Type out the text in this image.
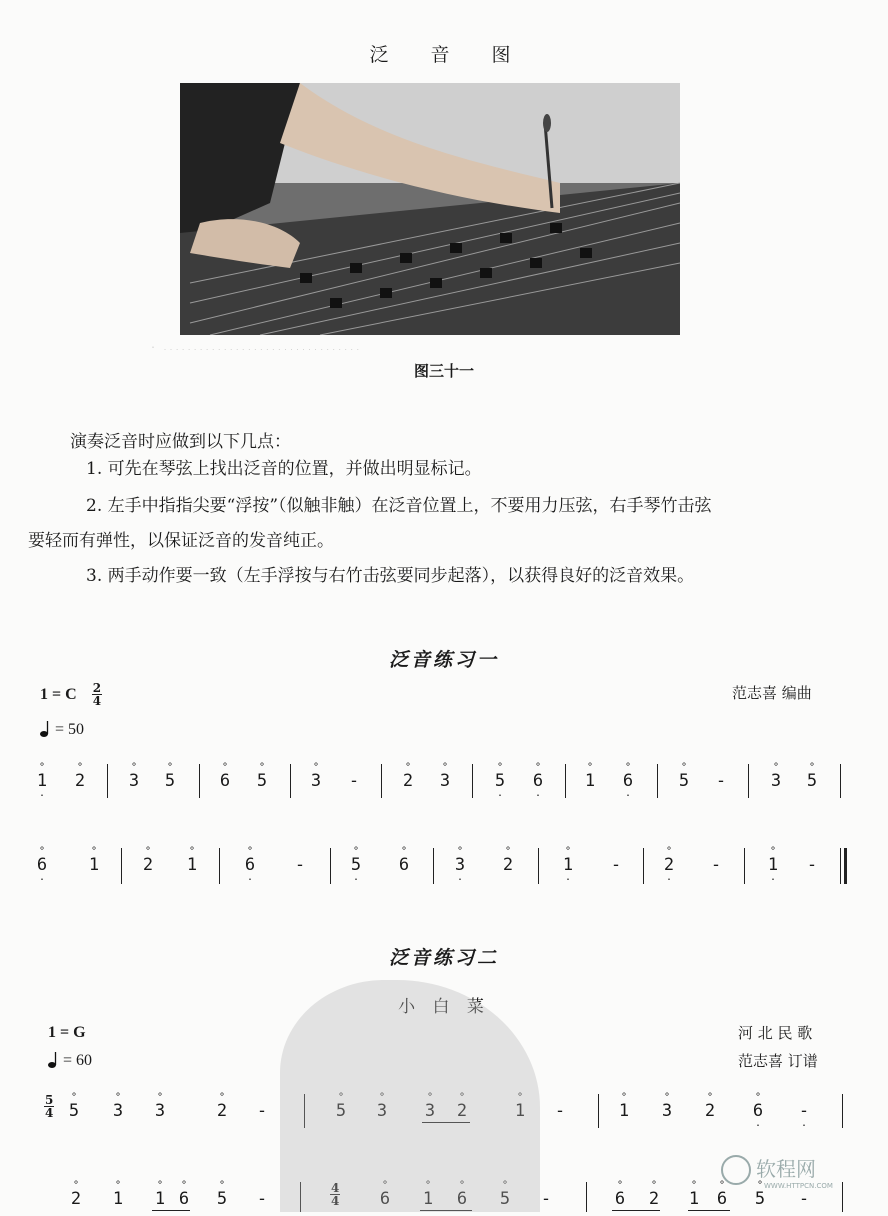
泛 音 图
图三十一
. ̣ ̣ ̣ ̣ ̣ ̣ ̣ ̣ ̣ ̣ ̣ ̣ ̣ ̣ ̣ ̣ ̣ ̣ ̣ ̣ ̣ ̣ ̣ ̣ ̣ ̣ ̣ ̣ ̣ ̣ ̣ ̣ ̣
演奏泛音时应做到以下几点：
1. 可先在琴弦上找出泛音的位置，并做出明显标记。
2. 左手中指指尖要“浮按”（似触非触）在泛音位置上，不要用力压弦，右手琴竹击弦
要轻而有弹性，以保证泛音的发音纯正。
3. 两手动作要一致（左手浮按与右竹击弦要同步起落），以获得良好的泛音效果。
泛音练习一
1 = C $\frac{2}{4}$
= 50
范志喜 编曲
°
1
.
°
2
°
3
°
5
°
6
°
5
°
3 -
°
2
°
3
°
5
.
°
6
.
°
1
°
6
.
°
5 -
°
3
°
5
°
6
.
°
1
°
2
°
1
°
6
.
-
°
5
.
°
6
°
3
.
°
2
°
1
.
-
°
2
.
-
°
1
.
-
泛音练习二
小 白 菜
1 = G
= 60
河 北 民 歌
范志喜 订谱
$\frac{5}{4}$	°
5
°
3
°
3
°
2 -
°
5
°
3
°
3
°
2
°
1 -
°
1
°
3
°
2
°
6
.
-
.
$\frac{4}{4}$
°
2
°
1
°
1
°
6
°
5 -
°
6
°
1
°
6
°
5 -
°
6
°
2
°
1
°
6
°
5 -
软程网
WWW.HTTPCN.COM
